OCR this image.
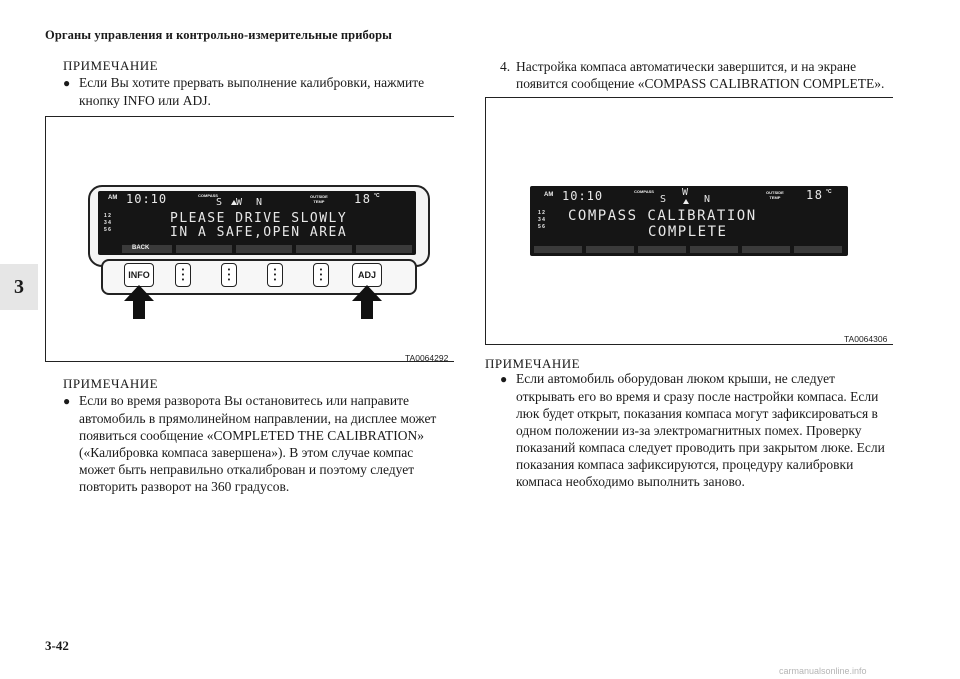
Органы управления и контрольно-измерительные приборы
3
ПРИМЕЧАНИЕ
● Если Вы хотите прервать выполнение калибровки, нажмите
кнопку INFO или ADJ.
AM 10:10	COMPASS
S W N
OUTSIDE
TEMP 18 °C
1 2
3 4
5 6
PLEASE DRIVE SLOWLY
IN A SAFE,OPEN AREA
BACK
INFO	•
•
•
•
•
•
•
•
•
•
•
•	ADJ
TA0064292
ПРИМЕЧАНИЕ
● Если во время разворота Вы остановитесь или направите
автомобиль в прямолинейном направлении, на дисплее может
появиться сообщение «COMPLETED THE CALIBRATION»
(«Калибровка компаса завершена»). В этом случае компас
может быть неправильно откалиброван и поэтому следует
повторить разворот на 360 градусов.
4. Настройка компаса автоматически завершится, и на экране
появится сообщение «COMPASS CALIBRATION COMPLETE».
AM 10:10	COMPASS
S
W
N
OUTSIDE
TEMP 18 °C
1 2
3 4
5 6
COMPASS CALIBRATION
COMPLETE
TA0064306
ПРИМЕЧАНИЕ
● Если автомобиль оборудован люком крыши, не следует
открывать его во время и сразу после настройки компаса. Если
люк будет открыт, показания компаса могут зафиксироваться в
одном положении из-за электромагнитных помех. Проверку
показаний компаса следует проводить при закрытом люке. Если
показания компаса зафиксируются, процедуру калибровки
компаса необходимо выполнить заново.
3-42
carmanualsonline.info
